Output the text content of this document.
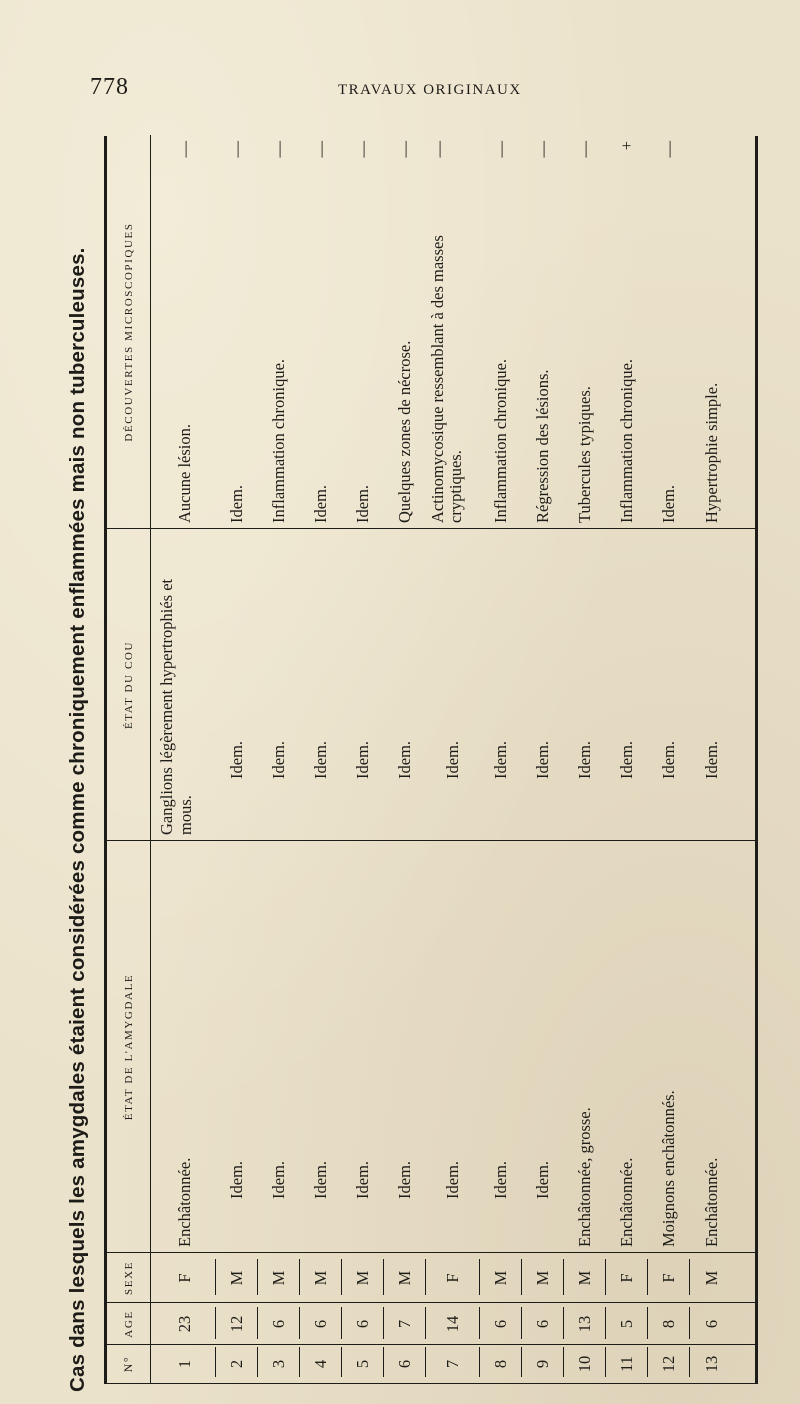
778	TRAVAUX ORIGINAUX
Cas dans lesquels les amygdales étaient considérées comme chroniquement enflammées mais non tuberculeuses.	N°
AGE
SEXE
ÉTAT DE L'AMYGDALE
ÉTAT DU COU
DÉCOUVERTES MICROSCOPIQUES
1
23
F
Enchâtonnée.
Ganglions légèrement hypertrophiés et mous.
Aucune lésion.
—
2
12
M
Idem.
Idem.
Idem.
—
3
6
M
Idem.
Idem.
Inflammation chronique.
—
4
6
M
Idem.
Idem.
Idem.
—
5
6
M
Idem.
Idem.
Idem.
—
6
7
M
Idem.
Idem.
Quelques zones de nécrose.
—
7
14
F
Idem.
Idem.
Actinomycosique ressemblant à des masses cryptiques.
—
8
6
M
Idem.
Idem.
Inflammation chronique.
—
9
6
M
Idem.
Idem.
Régression des lésions.
—
10
13
M
Enchâtonnée, grosse.
Idem.
Tubercules typiques.
—
11
5
F
Enchâtonnée.
Idem.
Inflammation chronique.
+
12
8
F
Moignons enchâtonnés.
Idem.
Idem.
—
13
6
M
Enchâtonnée.
Idem.
Hypertrophie simple.
